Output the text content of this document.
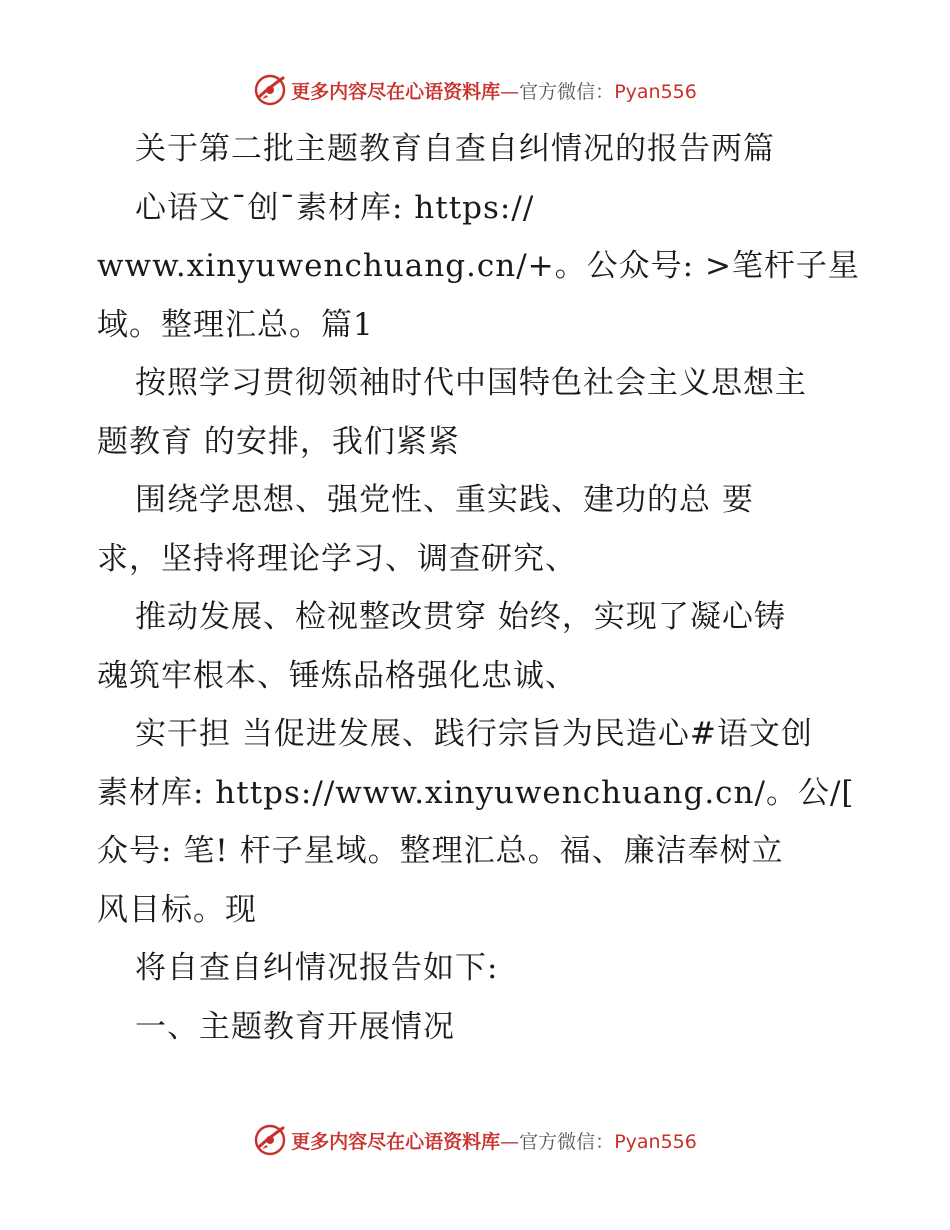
更多内容尽在心语资料库—官方微信：Pyan556
关于第二批主题教育自查自纠情况的报告两篇
心语文¯创¯素材库: https://
www.xinyuwenchuang.cn/+。公众号: >笔杆子星
域。整理汇总。篇1
按照学习贯彻领袖时代中国特色社会主义思想主
题教育 的安排，我们紧紧
围绕学思想、强党性、重实践、建功的总 要
求，坚持将理论学习、调查研究、
推动发展、检视整改贯穿 始终，实现了凝心铸
魂筑牢根本、锤炼品格强化忠诚、
实干担 当促进发展、践行宗旨为民造心#语文创
素材库: https://www.xinyuwenchuang.cn/。公/[
众号: 笔! 杆子星域。整理汇总。福、廉洁奉树立
风目标。现
将自查自纠情况报告如下:
一、主题教育开展情况
更多内容尽在心语资料库—官方微信：Pyan556
